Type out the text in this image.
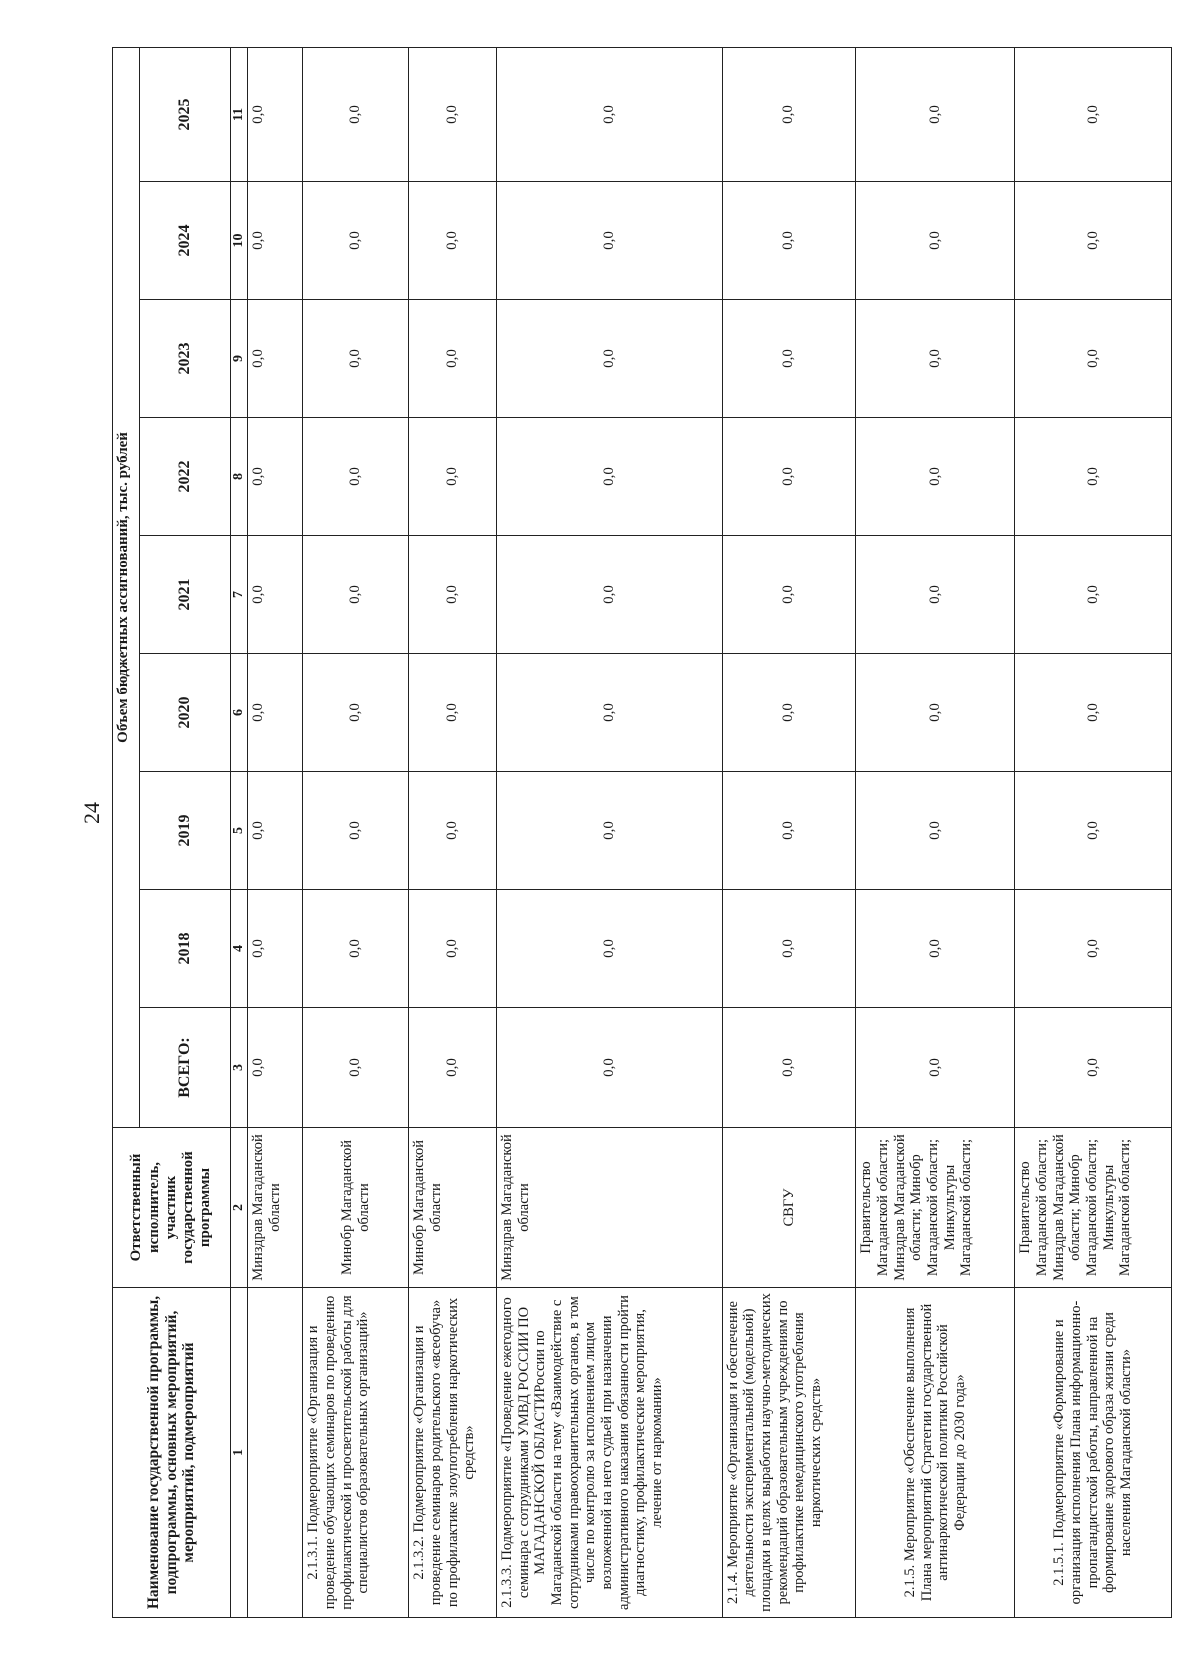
24
Наименование государственной программы, подпрограммы, основных мероприятий, мероприятий, подмероприятий	Ответственный исполнитель, участник государственной программы	Объем бюджетных ассигнований, тыс. рублей								
		ВСЕГО:	2018	2019	2020	2021	2022	2023	2024	2025
1	2	3	4	5	6	7	8	9	10	11
	Минздрав Магаданской области	0,0	0,0	0,0	0,0	0,0	0,0	0,0	0,0	0,0
2.1.3.1. Подмероприятие «Организация и проведение обучающих семинаров по проведению профилактической и просветительской работы для специалистов образовательных организаций»	Минобр Магаданской области	0,0	0,0	0,0	0,0	0,0	0,0	0,0	0,0	0,0
2.1.3.2. Подмероприятие «Организация и проведение семинаров родительского «всеобуча» по профилактике злоупотребления наркотических средств»	Минобр Магаданской области	0,0	0,0	0,0	0,0	0,0	0,0	0,0	0,0	0,0
2.1.3.3. Подмероприятие «Проведение ежегодного семинара с сотрудниками УМВД РОССИИ ПО МАГАДАНСКОЙ ОБЛАСТИРоссии по Магаданской области на тему «Взаимодействие с сотрудниками правоохранительных органов, в том числе по контролю за исполнением лицом возложенной на него судьей при назначении административного наказания обязанности пройти диагностику, профилактические мероприятия, лечение от наркомании»	Минздрав Магаданской области	0,0	0,0	0,0	0,0	0,0	0,0	0,0	0,0	0,0
2.1.4. Мероприятие «Организация и обеспечение деятельности экспериментальной (модельной) площадки в целях выработки научно-методических рекомендаций образовательным учреждениям по профилактике немедицинского употребления наркотических средств»	СВГУ	0,0	0,0	0,0	0,0	0,0	0,0	0,0	0,0	0,0
2.1.5. Мероприятие «Обеспечение выполнения Плана мероприятий Стратегии государственной антинаркотической политики Российской Федерации до 2030 года»	Правительство Магаданской области; Минздрав Магаданской области; Минобр Магаданской области; Минкультуры Магаданской области;	0,0	0,0	0,0	0,0	0,0	0,0	0,0	0,0	0,0
2.1.5.1. Подмероприятие «Формирование и организация исполнения Плана информационно-пропагандистской работы, направленной на формирование здорового образа жизни среди населения Магаданской области»	Правительство Магаданской области; Минздрав Магаданской области; Минобр Магаданской области; Минкультуры Магаданской области;	0,0	0,0	0,0	0,0	0,0	0,0	0,0	0,0	0,0
